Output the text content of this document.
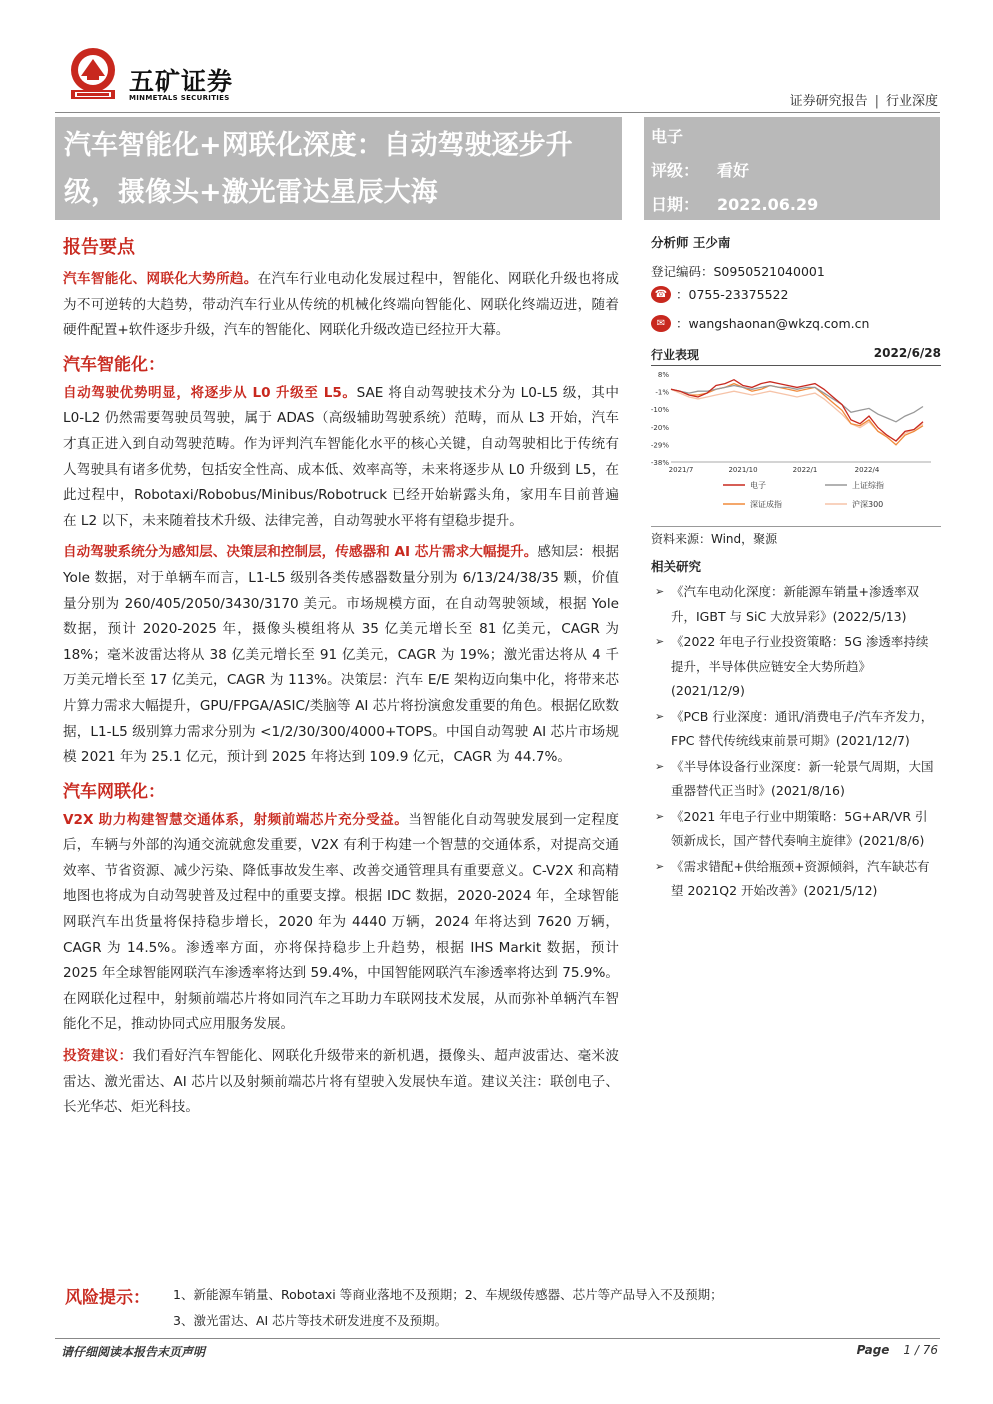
五矿证券
MINMETALS SECURITIES	证券研究报告 | 行业深度
汽车智能化+网联化深度：自动驾驶逐步升级，摄像头+激光雷达星辰大海
电子
评级： 看好
日期： 2022.06.29
报告要点

汽车智能化、网联化大势所趋。在汽车行业电动化发展过程中，智能化、网联化升级也将成为不可逆转的大趋势，带动汽车行业从传统的机械化终端向智能化、网联化终端迈进，随着硬件配置+软件逐步升级，汽车的智能化、网联化升级改造已经拉开大幕。

汽车智能化：

自动驾驶优势明显，将逐步从 L0 升级至 L5。SAE 将自动驾驶技术分为 L0-L5 级，其中 L0-L2 仍然需要驾驶员驾驶，属于 ADAS（高级辅助驾驶系统）范畴，而从 L3 开始，汽车才真正进入到自动驾驶范畴。作为评判汽车智能化水平的核心关键，自动驾驶相比于传统有人驾驶具有诸多优势，包括安全性高、成本低、效率高等，未来将逐步从 L0 升级到 L5，在此过程中，Robotaxi/Robobus/Minibus/Robotruck 已经开始崭露头角，家用车目前普遍在 L2 以下，未来随着技术升级、法律完善，自动驾驶水平将有望稳步提升。

自动驾驶系统分为感知层、决策层和控制层，传感器和 AI 芯片需求大幅提升。感知层：根据 Yole 数据，对于单辆车而言，L1-L5 级别各类传感器数量分别为 6/13/24/38/35 颗，价值量分别为 260/405/2050/3430/3170 美元。市场规模方面，在自动驾驶领域，根据 Yole 数据，预计 2020-2025 年，摄像头模组将从 35 亿美元增长至 81 亿美元，CAGR 为 18%；毫米波雷达将从 38 亿美元增长至 91 亿美元，CAGR 为 19%；激光雷达将从 4 千万美元增长至 17 亿美元，CAGR 为 113%。决策层：汽车 E/E 架构迈向集中化，将带来芯片算力需求大幅提升，GPU/FPGA/ASIC/类脑等 AI 芯片将扮演愈发重要的角色。根据亿欧数据，L1-L5 级别算力需求分别为 <1/2/30/300/4000+TOPS。中国自动驾驶 AI 芯片市场规模 2021 年为 25.1 亿元，预计到 2025 年将达到 109.9 亿元，CAGR 为 44.7%。

汽车网联化：

V2X 助力构建智慧交通体系，射频前端芯片充分受益。当智能化自动驾驶发展到一定程度后，车辆与外部的沟通交流就愈发重要，V2X 有利于构建一个智慧的交通体系，对提高交通效率、节省资源、减少污染、降低事故发生率、改善交通管理具有重要意义。C-V2X 和高精地图也将成为自动驾驶普及过程中的重要支撑。根据 IDC 数据，2020-2024 年，全球智能网联汽车出货量将保持稳步增长，2020 年为 4440 万辆，2024 年将达到 7620 万辆，CAGR 为 14.5%。渗透率方面，亦将保持稳步上升趋势，根据 IHS Markit 数据，预计 2025 年全球智能网联汽车渗透率将达到 59.4%，中国智能网联汽车渗透率将达到 75.9%。在网联化过程中，射频前端芯片将如同汽车之耳助力车联网技术发展，从而弥补单辆汽车智能化不足，推动协同式应用服务发展。

投资建议：我们看好汽车智能化、网联化升级带来的新机遇，摄像头、超声波雷达、毫米波雷达、激光雷达、AI 芯片以及射频前端芯片将有望驶入发展快车道。建议关注：联创电子、长光华芯、炬光科技。

分析师 王少南
登记编码：S0950521040001
☎ ：0755-23375522
✉ ：wangshaonan@wkzq.com.cn
行业表现	2022/6/28
8%
-1%
-10%
-20%
-29%
-38%
2021/7	2021/10	2022/1	2022/4
电子	上证综指
深证成指	沪深300
资料来源：Wind，聚源
相关研究
➢ 《汽车电动化深度：新能源车销量+渗透率双升，IGBT 与 SiC 大放异彩》(2022/5/13)
➢ 《2022 年电子行业投资策略：5G 渗透率持续提升，半导体供应链安全大势所趋》(2021/12/9)
➢ 《PCB 行业深度：通讯/消费电子/汽车齐发力，FPC 替代传统线束前景可期》(2021/12/7)
➢ 《半导体设备行业深度：新一轮景气周期，大国重器替代正当时》(2021/8/16)
➢ 《2021 年电子行业中期策略：5G+AR/VR 引领新成长，国产替代奏响主旋律》(2021/8/6)
➢ 《需求错配+供给瓶颈+资源倾斜，汽车缺芯有望 2021Q2 开始改善》(2021/5/12)
风险提示： 1、新能源车销量、Robotaxi 等商业落地不及预期；2、车规级传感器、芯片等产品导入不及预期；
3、激光雷达、AI 芯片等技术研发进度不及预期。
请仔细阅读本报告末页声明	Page 1 / 76
